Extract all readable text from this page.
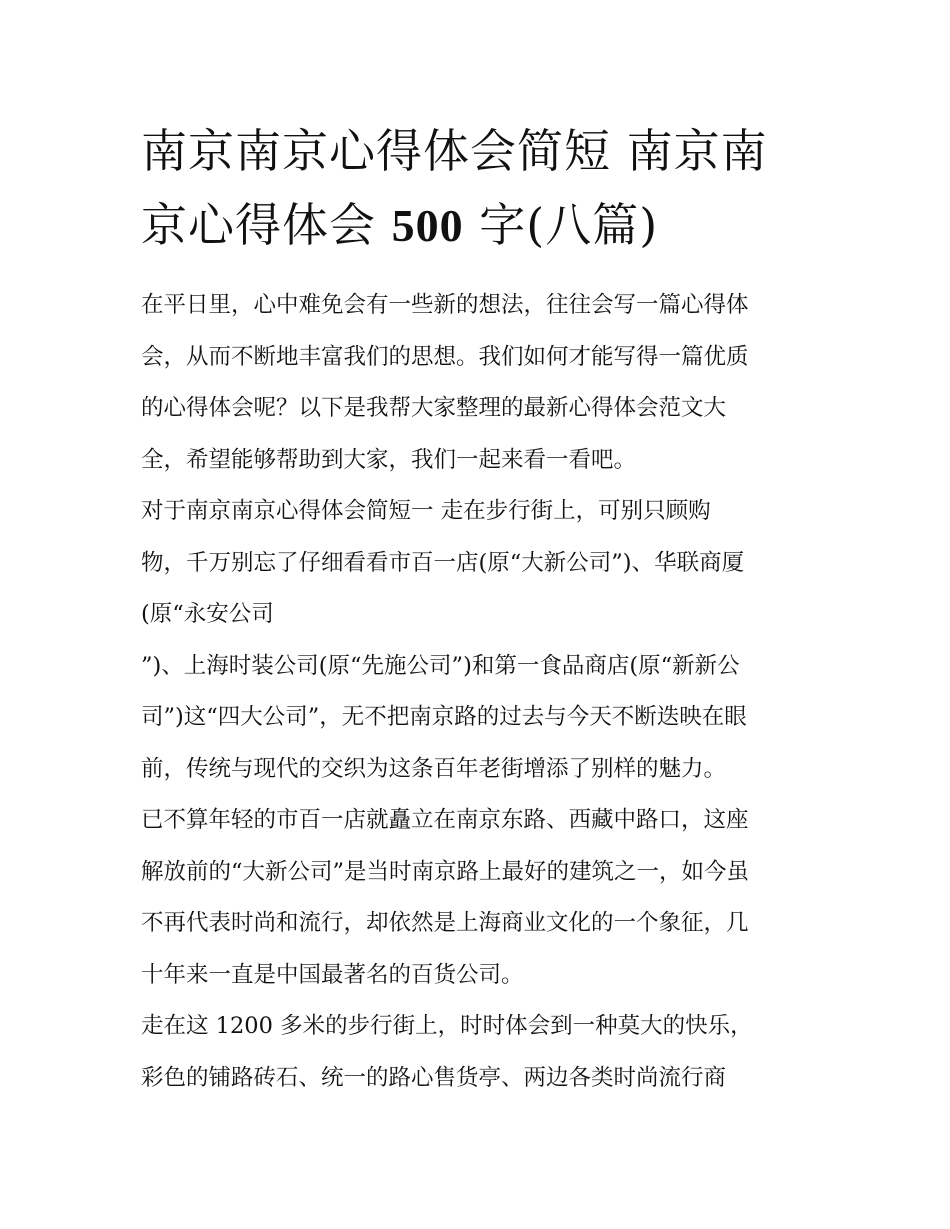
南京南京心得体会简短 南京南
京心得体会 500 字(八篇)
在平日里，心中难免会有一些新的想法，往往会写一篇心得体
会，从而不断地丰富我们的思想。我们如何才能写得一篇优质
的心得体会呢？以下是我帮大家整理的最新心得体会范文大
全，希望能够帮助到大家，我们一起来看一看吧。
对于南京南京心得体会简短一 走在步行街上，可别只顾购
物，千万别忘了仔细看看市百一店(原“大新公司”)、华联商厦
(原“永安公司
”)、上海时装公司(原“先施公司”)和第一食品商店(原“新新公
司”)这“四大公司”，无不把南京路的过去与今天不断迭映在眼
前，传统与现代的交织为这条百年老街增添了别样的魅力。
已不算年轻的市百一店就矗立在南京东路、西藏中路口，这座
解放前的“大新公司”是当时南京路上最好的建筑之一，如今虽
不再代表时尚和流行，却依然是上海商业文化的一个象征，几
十年来一直是中国最著名的百货公司。
走在这 1200 多米的步行街上，时时体会到一种莫大的快乐，
彩色的铺路砖石、统一的路心售货亭、两边各类时尚流行商
